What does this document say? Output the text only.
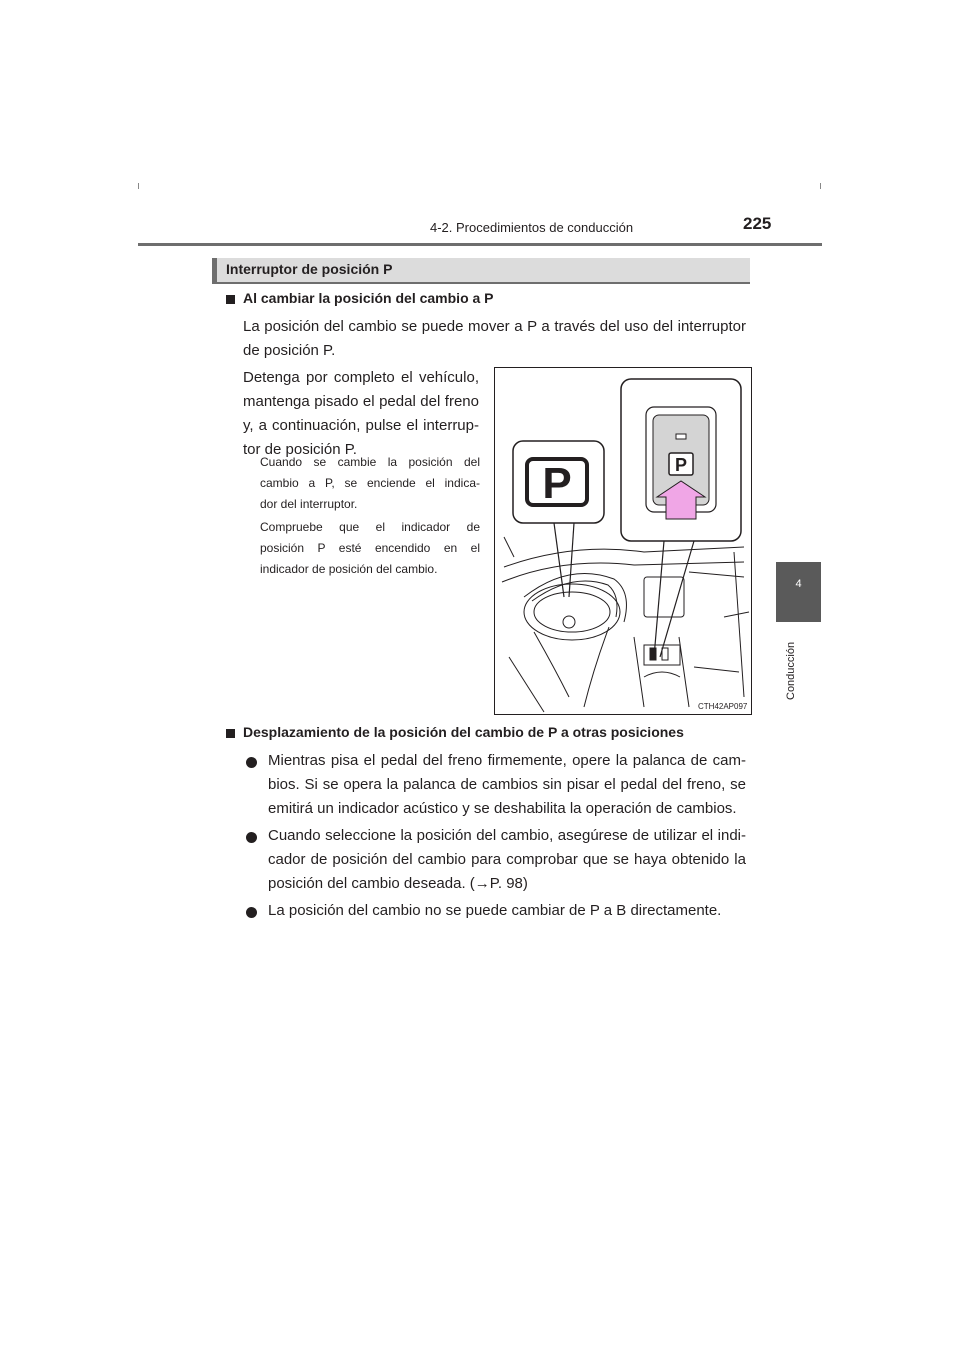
4-2. Procedimientos de conducción	225
4
Conducción
Interruptor de posición P
Al cambiar la posición del cambio a P
La posición del cambio se puede mover a P a través del uso del interruptor
de posición P.
Detenga por completo el vehículo,
mantenga pisado el pedal del freno
y, a continuación, pulse el interrup-
tor de posición P.
Cuando se cambie la posición del
cambio a P, se enciende el indica-
dor del interruptor.
Compruebe que el indicador de
posición P esté encendido en el
indicador de posición del cambio.
P	P
CTH42AP097
Desplazamiento de la posición del cambio de P a otras posiciones
Mientras pisa el pedal del freno firmemente, opere la palanca de cam-
bios. Si se opera la palanca de cambios sin pisar el pedal del freno, se
emitirá un indicador acústico y se deshabilita la operación de cambios.
Cuando seleccione la posición del cambio, asegúrese de utilizar el indi-
cador de posición del cambio para comprobar que se haya obtenido la
posición del cambio deseada. (→P. 98)
La posición del cambio no se puede cambiar de P a B directamente.
